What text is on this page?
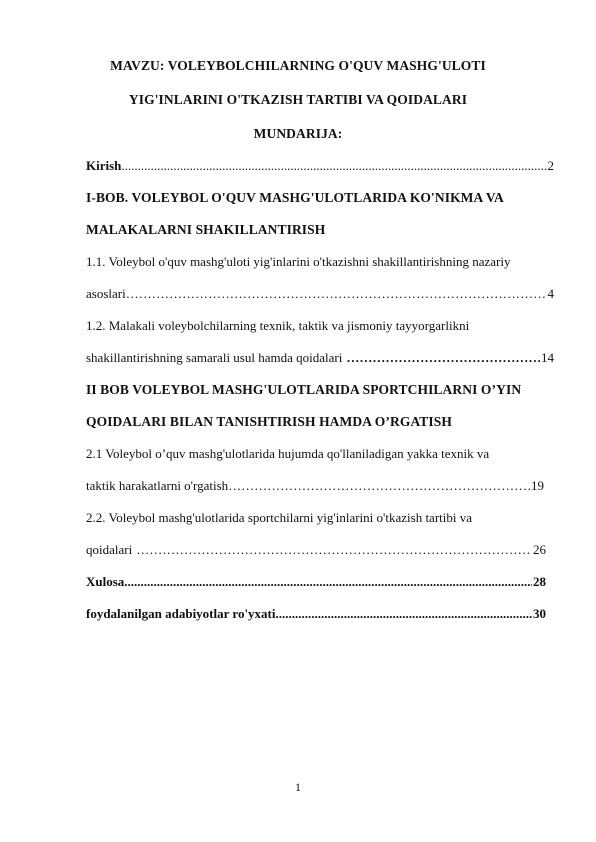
MAVZU: VOLEYBOLCHILARNING O'QUV MASHG'ULOTI
YIG'INLARINI O'TKAZISH TARTIBI VA QOIDALARI
MUNDARIJA:
Kirish .....	2
I-BOB. VOLEYBOL O'QUV MASHG'ULOTLARIDA KO'NIKMA VA
MALAKALARNI SHAKILLANTIRISH
1.1. Voleybol o'quv mashg'uloti yig'inlarini o'tkazishni shakillantirishning nazariy
asoslari ……………………………………………………………………………………………………………………………………	4
1.2. Malakali voleybolchilarning texnik, taktik va jismoniy tayyorgarlikni
shakillantirishning samarali usul hamda qoidalari ……………………………………………………………………………………………………………………………………	14
II BOB VOLEYBOL MASHG'ULOTLARIDA SPORTCHILARNI O’YIN
QOIDALARI BILAN TANISHTIRISH HAMDA O’RGATISH
2.1 Voleybol o’quv mashg'ulotlarida hujumda qo'llaniladigan yakka texnik va
taktik harakatlarni o'rgatish ……………………………………………………………………………………………………………………………………	19
2.2. Voleybol mashg'ulotlarida sportchilarni yig'inlarini o'tkazish tartibi va
qoidalari ……………………………………………………………………………………………………………………………………	26
Xulosa .....	28
foydalanilgan adabiyotlar ro'yxati .....	30
1
